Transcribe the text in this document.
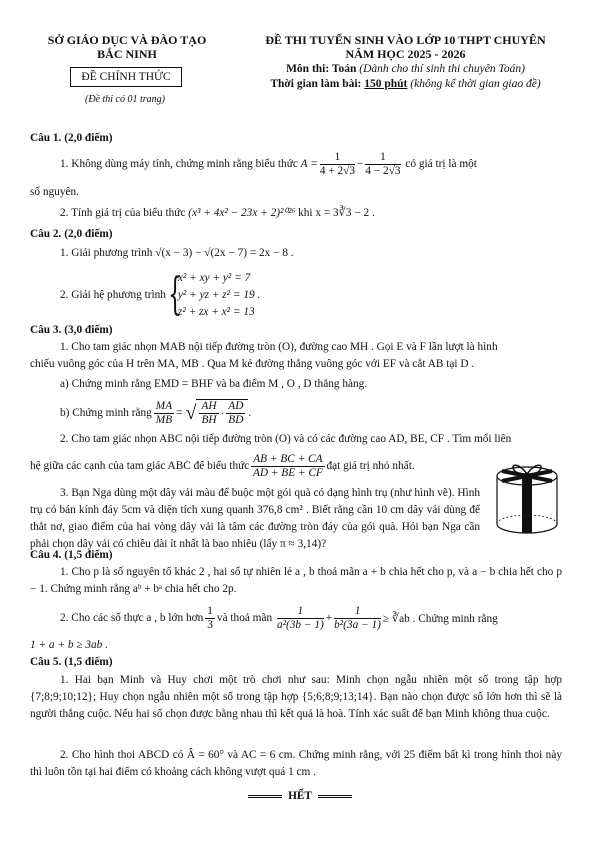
SỞ GIÁO DỤC VÀ ĐÀO TẠO
BẮC NINH
ĐỀ CHÍNH THỨC
(Đề thi có 01 trang)
ĐỀ THI TUYỂN SINH VÀO LỚP 10 THPT CHUYÊN
NĂM HỌC 2025 - 2026
Môn thi: Toán (Dành cho thí sinh thi chuyên Toán)
Thời gian làm bài: 150 phút (không kể thời gian giao đề)
Câu 1. (2,0 điểm)
1. Không dùng máy tính, chứng minh rằng biểu thức
$A = \frac{1}{4 + 2√3} - \frac{1}{4 - 2√3}$
có giá trị là một
số nguyên.
2. Tính giá trị của biểu thức (x³ + 4x² − 23x + 2)²⁰²⁶ khi x = 3∛3 − 2 .
Câu 2. (2,0 điểm)
1. Giải phương trình √(x − 3) − √(2x − 7) = 2x − 8 .
2. Giải hệ phương trình {
x² + xy + y² = 7
y² + yz + z² = 19 .
z² + zx + x² = 13
Câu 3. (3,0 điểm)
1. Cho tam giác nhọn MAB nội tiếp đường tròn (O), đường cao MH . Gọi E và F lần lượt là hình
chiếu vuông góc của H trên MA, MB . Qua M kẻ đường thẳng vuông góc với EF và cắt AB tại D .
a) Chứng minh rằng EMD = BHF và ba điểm M , O , D thẳng hàng.
b) Chứng minh rằng $\frac{MA}{MB}$ = √ $\frac{AH}{BH} \cdot \frac{AD}{BD}$ .
2. Cho tam giác nhọn ABC nội tiếp đường tròn (O) và có các đường cao AD, BE, CF . Tìm mối liên
hệ giữa các cạnh của tam giác ABC để biểu thức $\frac{AB + BC + CA}{AD + BE + CF}$ đạt giá trị nhỏ nhất.
3. Bạn Nga dùng một dây vải màu để buộc một gói quà có dạng hình trụ (như hình vẽ). Hình trụ có bán kính đáy 5cm và diện tích xung quanh 376,8 cm² . Biết rằng cần 10 cm dây vải dùng để thắt nơ, giao điểm của hai vòng dây vải là tâm các đường tròn đáy của gói quà. Hỏi bạn Nga cần phải chọn dây vải có chiều dài ít nhất là bao nhiêu (lấy π ≈ 3,14)?
Câu 4. (1,5 điểm)
1. Cho p là số nguyên tố khác 2 , hai số tự nhiên lẻ a , b thoả mãn a + b chia hết cho p, và a − b chia hết cho p − 1. Chứng minh rằng aᵇ + bᵃ chia hết cho 2p.
2. Cho các số thực a , b lớn hơn $\frac{1}{3}$ và thoả mãn
$\frac{1}{\text{a²(3b − 1)}} + \frac{1}{\text{b²(3a − 1)}}$ ≥ ∛ab . Chứng minh rằng
1 + a + b ≥ 3ab .
Câu 5. (1,5 điểm)
1. Hai bạn Minh và Huy chơi một trò chơi như sau: Minh chọn ngẫu nhiên một số trong tập hợp {7;8;9;10;12}; Huy chọn ngẫu nhiên một số trong tập hợp {5;6;8;9;13;14}. Bạn nào chọn được số lớn hơn thì sẽ là người thắng cuộc. Nếu hai số chọn được bằng nhau thì kết quả là hoà. Tính xác suất để bạn Minh không thua cuộc.
2. Cho hình thoi ABCD có Â = 60° và AC = 6 cm. Chứng minh rằng, với 25 điểm bất kì trong hình thoi này thì luôn tồn tại hai điểm có khoảng cách không vượt quá 1 cm .
HẾT
